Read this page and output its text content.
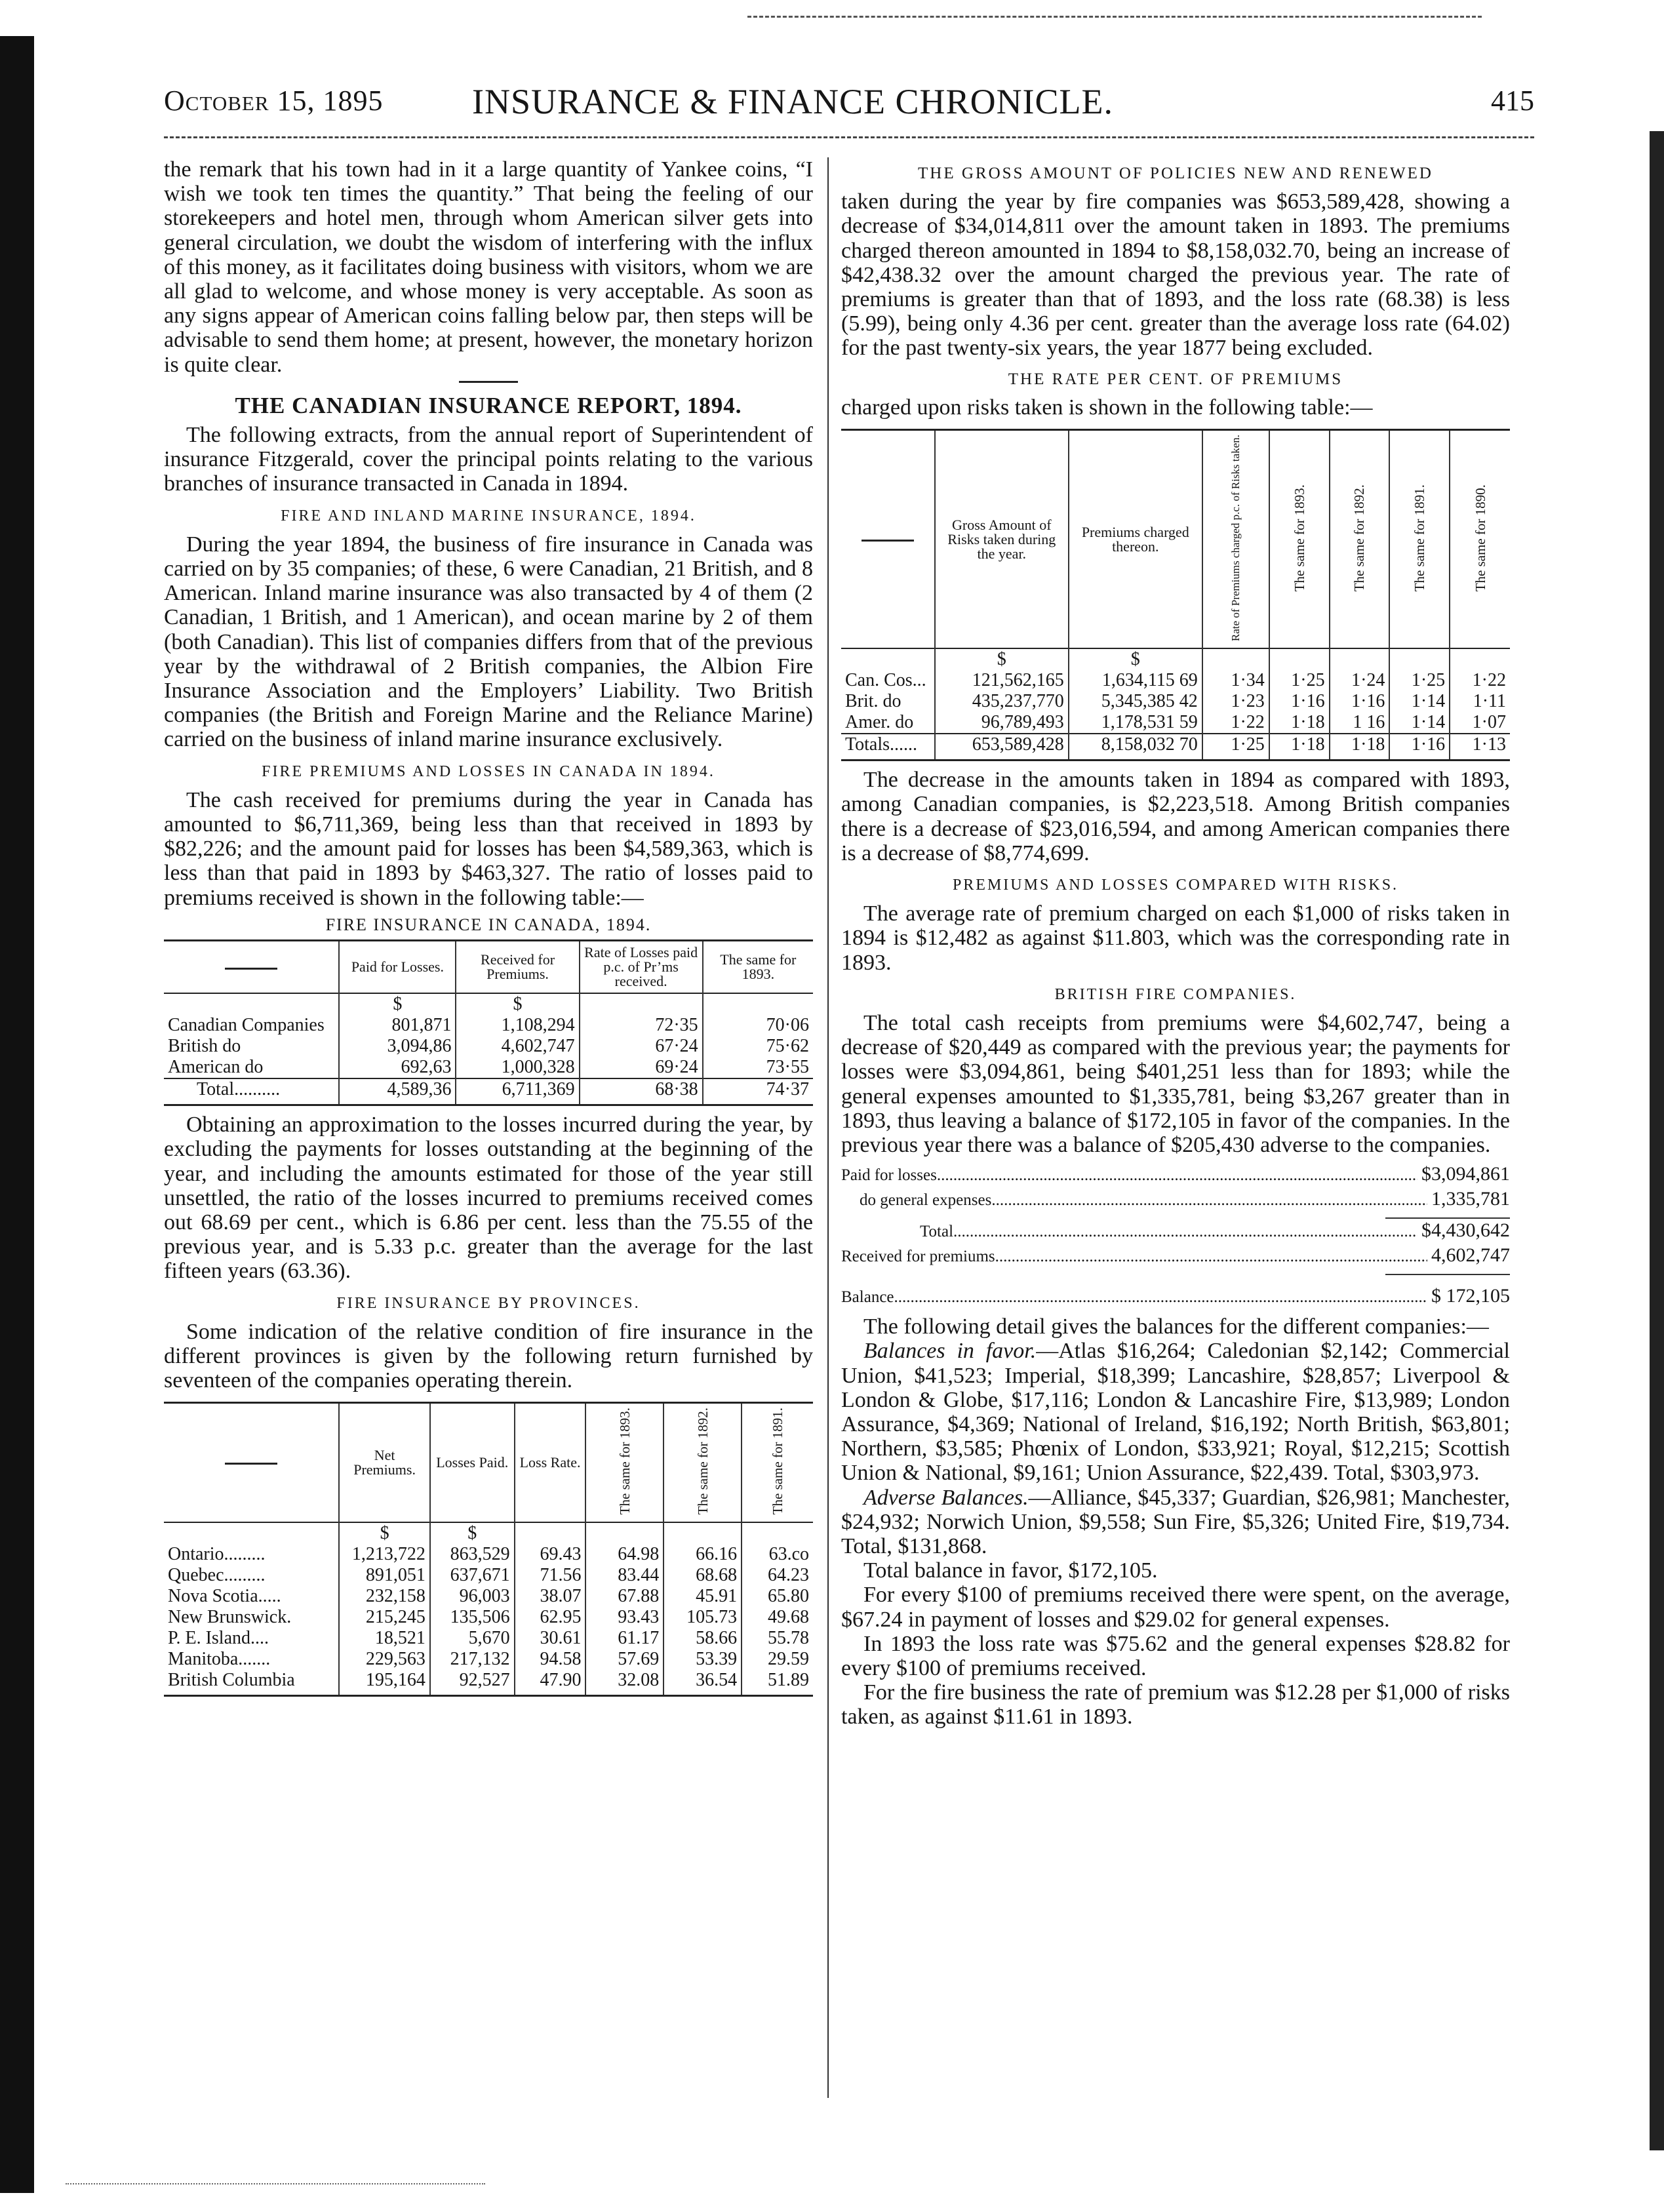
October 15, 1895	INSURANCE & FINANCE CHRONICLE.	415

the remark that his town had in it a large quantity of Yankee coins, “I wish we took ten times the quantity.” That being the feeling of our storekeepers and hotel men, through whom American silver gets into general circulation, we doubt the wisdom of interfering with the influx of this money, as it facilitates doing business with visitors, whom we are all glad to welcome, and whose money is very acceptable. As soon as any signs appear of American coins falling below par, then steps will be advisable to send them home; at present, however, the monetary horizon is quite clear.

THE CANADIAN INSURANCE REPORT, 1894.

The following extracts, from the annual report of Superintendent of insurance Fitzgerald, cover the principal points relating to the various branches of insurance transacted in Canada in 1894.

FIRE AND INLAND MARINE INSURANCE, 1894.

During the year 1894, the business of fire insurance in Canada was carried on by 35 companies; of these, 6 were Canadian, 21 British, and 8 American. Inland marine insurance was also transacted by 4 of them (2 Canadian, 1 British, and 1 American), and ocean marine by 2 of them (both Canadian). This list of companies differs from that of the previous year by the withdrawal of 2 British companies, the Albion Fire Insurance Association and the Employers’ Liability. Two British companies (the British and Foreign Marine and the Reliance Marine) carried on the business of inland marine insurance exclusively.

FIRE PREMIUMS AND LOSSES IN CANADA IN 1894.

The cash received for premiums during the year in Canada has amounted to $6,711,369, being less than that received in 1893 by $82,226; and the amount paid for losses has been $4,589,363, which is less than that paid in 1893 by $463,327. The ratio of losses paid to premiums received is shown in the following table:—

FIRE INSURANCE IN CANADA, 1894.
	Paid for Losses.	Received for Premiums.	Rate of Losses paid p.c. of Pr’ms received.	The same for 1893.
	$	$		
Canadian Companies	801,871	1,108,294	72·35	70·06
British do	3,094,86	4,602,747	67·24	75·62
American do	692,63	1,000,328	69·24	73·55
Total..........	4,589,36	6,711,369	68·38	74·37

Obtaining an approximation to the losses incurred during the year, by excluding the payments for losses outstanding at the beginning of the year, and including the amounts estimated for those of the year still unsettled, the ratio of the losses incurred to premiums received comes out 68.69 per cent., which is 6.86 per cent. less than the 75.55 of the previous year, and is 5.33 p.c. greater than the average for the last fifteen years (63.36).

FIRE INSURANCE BY PROVINCES.

Some indication of the relative condition of fire insurance in the different provinces is given by the following return furnished by seventeen of the companies operating therein.

	Net Premiums.	Losses Paid.	Loss Rate.	The same for 1893.	The same for 1892.	The same for 1891.
	$	$				
Ontario.........	1,213,722	863,529	69.43	64.98	66.16	63.co
Quebec.........	891,051	637,671	71.56	83.44	68.68	64.23
Nova Scotia.....	232,158	96,003	38.07	67.88	45.91	65.80
New Brunswick.	215,245	135,506	62.95	93.43	105.73	49.68
P. E. Island....	18,521	5,670	30.61	61.17	58.66	55.78
Manitoba.......	229,563	217,132	94.58	57.69	53.39	29.59
British Columbia	195,164	92,527	47.90	32.08	36.54	51.89
THE GROSS AMOUNT OF POLICIES NEW AND RENEWED

taken during the year by fire companies was $653,589,428, showing a decrease of $34,014,811 over the amount taken in 1893. The premiums charged thereon amounted in 1894 to $8,158,032.70, being an increase of $42,438.32 over the amount charged the previous year. The rate of premiums is greater than that of 1893, and the loss rate (68.38) is less (5.99), being only 4.36 per cent. greater than the average loss rate (64.02) for the past twenty-six years, the year 1877 being excluded.

THE RATE PER CENT. OF PREMIUMS

charged upon risks taken is shown in the following table:—

	Gross Amount of Risks taken during the year.	Premiums charged thereon.	Rate of Premiums charged p.c. of Risks taken.	The same for 1893.	The same for 1892.	The same for 1891.	The same for 1890.
	$	$					
Can. Cos...	121,562,165	1,634,115 69	1·34	1·25	1·24	1·25	1·22
Brit. do	435,237,770	5,345,385 42	1·23	1·16	1·16	1·14	1·11
Amer. do	96,789,493	1,178,531 59	1·22	1·18	1 16	1·14	1·07
Totals......	653,589,428	8,158,032 70	1·25	1·18	1·18	1·16	1·13

The decrease in the amounts taken in 1894 as compared with 1893, among Canadian companies, is $2,223,518. Among British companies there is a decrease of $23,016,594, and among American companies there is a decrease of $8,774,699.

PREMIUMS AND LOSSES COMPARED WITH RISKS.

The average rate of premium charged on each $1,000 of risks taken in 1894 is $12,482 as against $11.803, which was the corresponding rate in 1893.

BRITISH FIRE COMPANIES.

The total cash receipts from premiums were $4,602,747, being a decrease of $20,449 as compared with the previous year; the payments for losses were $3,094,861, being $401,251 less than for 1893; while the general expenses amounted to $1,335,781, being $3,267 greater than in 1893, thus leaving a balance of $172,105 in favor of the companies. In the previous year there was a balance of $205,430 adverse to the companies.

Paid for losses .....	$3,094,861
do general expenses .....	1,335,781
Total .....	$4,430,642
Received for premiums .....	4,602,747
Balance .....	$ 172,105

The following detail gives the balances for the different companies:—

Balances in favor.—Atlas $16,264; Caledonian $2,142; Commercial Union, $41,523; Imperial, $18,399; Lancashire, $28,857; Liverpool & London & Globe, $17,116; London & Lancashire Fire, $13,989; London Assurance, $4,369; National of Ireland, $16,192; North British, $63,801; Northern, $3,585; Phœnix of London, $33,921; Royal, $12,215; Scottish Union & National, $9,161; Union Assurance, $22,439. Total, $303,973.

Adverse Balances.—Alliance, $45,337; Guardian, $26,981; Manchester, $24,932; Norwich Union, $9,558; Sun Fire, $5,326; United Fire, $19,734. Total, $131,868.

Total balance in favor, $172,105.

For every $100 of premiums received there were spent, on the average, $67.24 in payment of losses and $29.02 for general expenses.

In 1893 the loss rate was $75.62 and the general expenses $28.82 for every $100 of premiums received.

For the fire business the rate of premium was $12.28 per $1,000 of risks taken, as against $11.61 in 1893.
